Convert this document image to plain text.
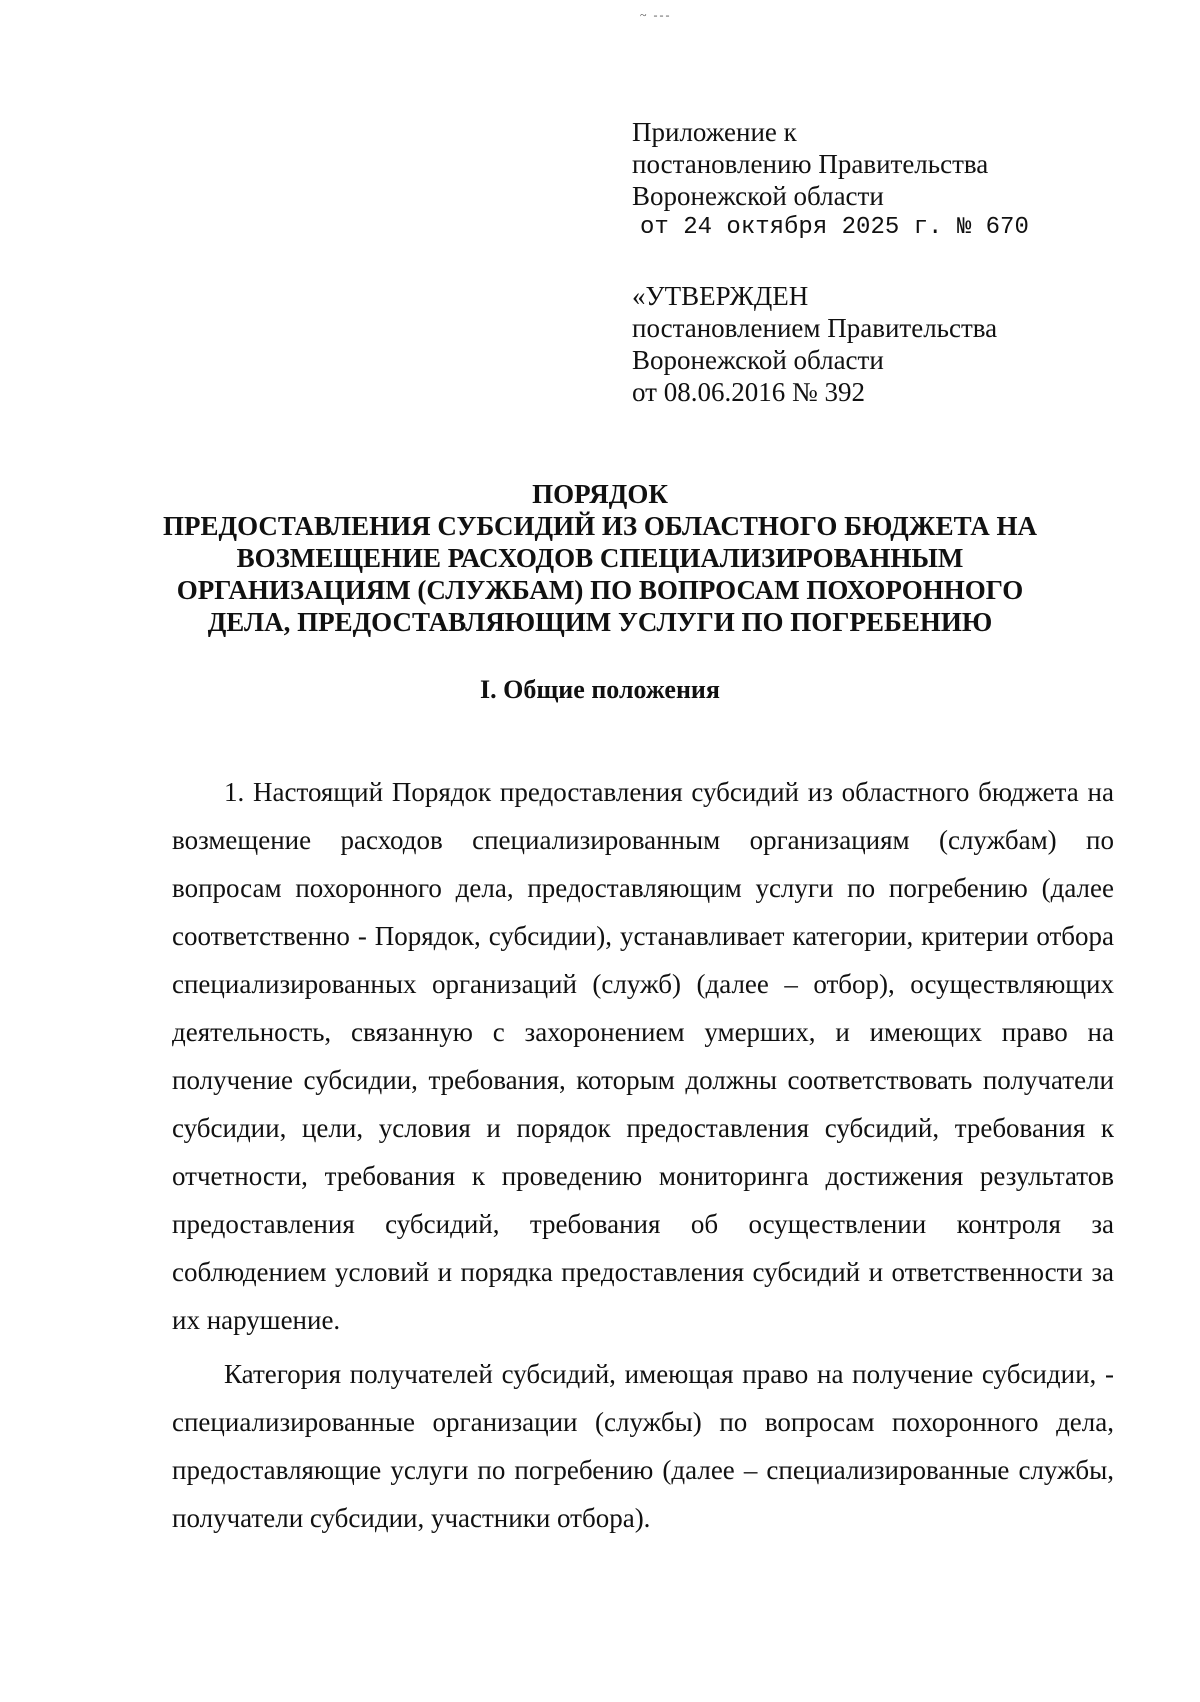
~ ---
Приложение к
постановлению Правительства
Воронежской области
от 24 октября 2025 г. № 670
«УТВЕРЖДЕН
постановлением Правительства
Воронежской области
от 08.06.2016 № 392
ПОРЯДОК
ПРЕДОСТАВЛЕНИЯ СУБСИДИЙ ИЗ ОБЛАСТНОГО БЮДЖЕТА НА
ВОЗМЕЩЕНИЕ РАСХОДОВ СПЕЦИАЛИЗИРОВАННЫМ
ОРГАНИЗАЦИЯМ (СЛУЖБАМ) ПО ВОПРОСАМ ПОХОРОННОГО
ДЕЛА, ПРЕДОСТАВЛЯЮЩИМ УСЛУГИ ПО ПОГРЕБЕНИЮ
I. Общие положения

1. Настоящий Порядок предоставления субсидий из областного бюджета на возмещение расходов специализированным организациям (службам) по вопросам похоронного дела, предоставляющим услуги по погребению (далее соответственно - Порядок, субсидии), устанавливает категории, критерии отбора специализированных организаций (служб) (далее – отбор), осуществляющих деятельность, связанную с захоронением умерших, и имеющих право на получение субсидии, требования, которым должны соответствовать получатели субсидии, цели, условия и порядок предоставления субсидий, требования к отчетности, требования к проведению мониторинга достижения результатов предоставления субсидий, требования об осуществлении контроля за соблюдением условий и порядка предоставления субсидий и ответственности за их нарушение.

Категория получателей субсидий, имеющая право на получение субсидии, - специализированные организации (службы) по вопросам похоронного дела, предоставляющие услуги по погребению (далее – специализированные службы, получатели субсидии, участники отбора).
